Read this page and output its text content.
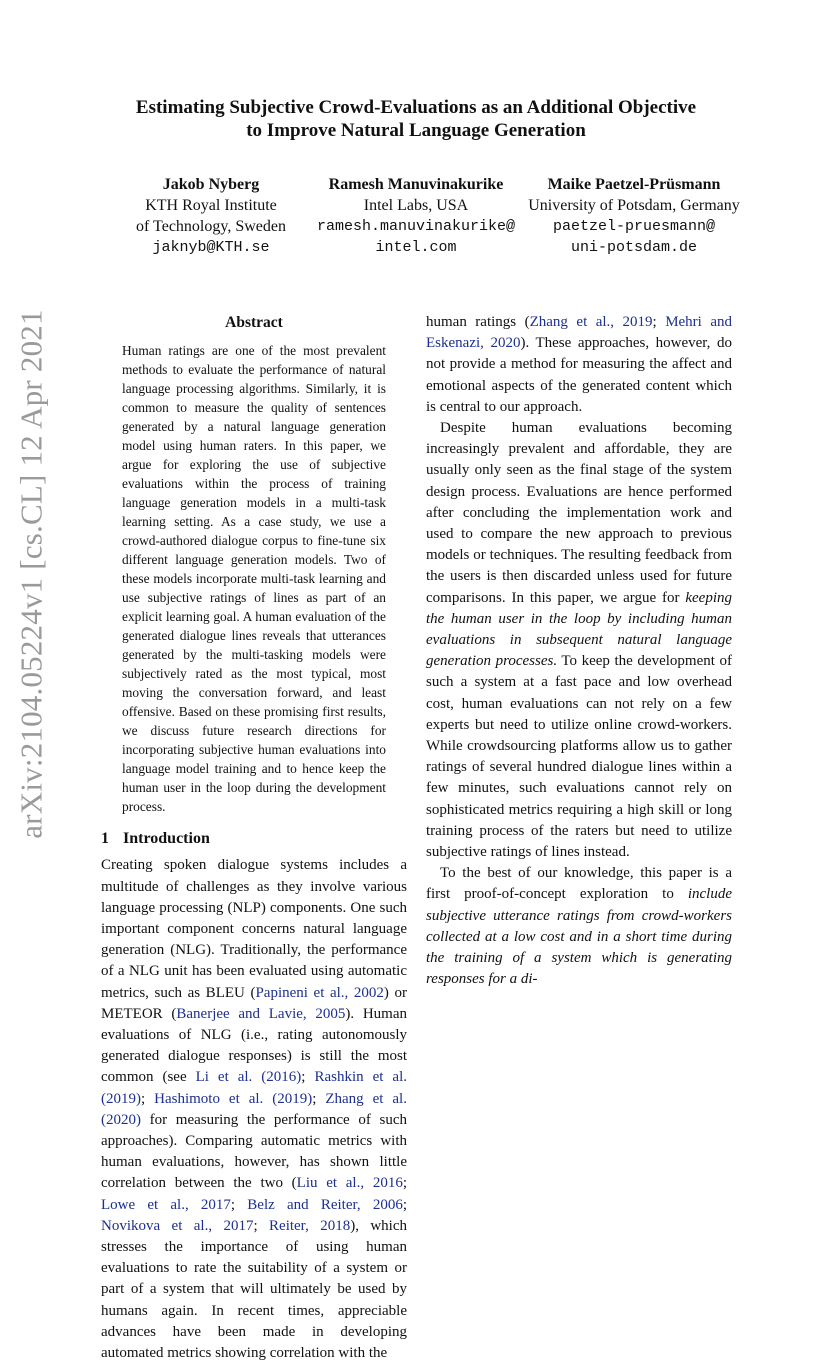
arXiv:2104.05224v1 [cs.CL] 12 Apr 2021
Estimating Subjective Crowd-Evaluations as an Additional Objective
to Improve Natural Language Generation
Jakob Nyberg
KTH Royal Institute
of Technology, Sweden
jaknyb@KTH.se
Ramesh Manuvinakurike
Intel Labs, USA
ramesh.manuvinakurike@
intel.com
Maike Paetzel-Prüsmann
University of Potsdam, Germany
paetzel-pruesmann@
uni-potsdam.de
Abstract

Human ratings are one of the most prevalent methods to evaluate the performance of natural language processing algorithms. Similarly, it is common to measure the quality of sentences generated by a natural language generation model using human raters. In this paper, we argue for exploring the use of subjective evaluations within the process of training language generation models in a multi-task learning setting. As a case study, we use a crowd-authored dialogue corpus to fine-tune six different language generation models. Two of these models incorporate multi-task learning and use subjective ratings of lines as part of an explicit learning goal. A human evaluation of the generated dialogue lines reveals that utterances generated by the multi-tasking models were subjectively rated as the most typical, most moving the conversation forward, and least offensive. Based on these promising first results, we discuss future research directions for incorporating subjective human evaluations into language model training and to hence keep the human user in the loop during the development process.

1 Introduction

Creating spoken dialogue systems includes a multitude of challenges as they involve various language processing (NLP) components. One such important component concerns natural language generation (NLG). Traditionally, the performance of a NLG unit has been evaluated using automatic metrics, such as BLEU (Papineni et al., 2002) or METEOR (Banerjee and Lavie, 2005). Human evaluations of NLG (i.e., rating autonomously generated dialogue responses) is still the most common (see Li et al. (2016); Rashkin et al. (2019); Hashimoto et al. (2019); Zhang et al. (2020) for measuring the performance of such approaches). Comparing automatic metrics with human evaluations, however, has shown little correlation between the two (Liu et al., 2016; Lowe et al., 2017; Belz and Reiter, 2006; Novikova et al., 2017; Reiter, 2018), which stresses the importance of using human evaluations to rate the suitability of a system or part of a system that will ultimately be used by humans again. In recent times, appreciable advances have been made in developing automated metrics showing correlation with the

human ratings (Zhang et al., 2019; Mehri and Eskenazi, 2020). These approaches, however, do not provide a method for measuring the affect and emotional aspects of the generated content which is central to our approach.

Despite human evaluations becoming increasingly prevalent and affordable, they are usually only seen as the final stage of the system design process. Evaluations are hence performed after concluding the implementation work and used to compare the new approach to previous models or techniques. The resulting feedback from the users is then discarded unless used for future comparisons. In this paper, we argue for keeping the human user in the loop by including human evaluations in subsequent natural language generation processes. To keep the development of such a system at a fast pace and low overhead cost, human evaluations can not rely on a few experts but need to utilize online crowd-workers. While crowdsourcing platforms allow us to gather ratings of several hundred dialogue lines within a few minutes, such evaluations cannot rely on sophisticated metrics requiring a high skill or long training process of the raters but need to utilize subjective ratings of lines instead.

To the best of our knowledge, this paper is a first proof-of-concept exploration to include subjective utterance ratings from crowd-workers collected at a low cost and in a short time during the training of a system which is generating responses for a di-
